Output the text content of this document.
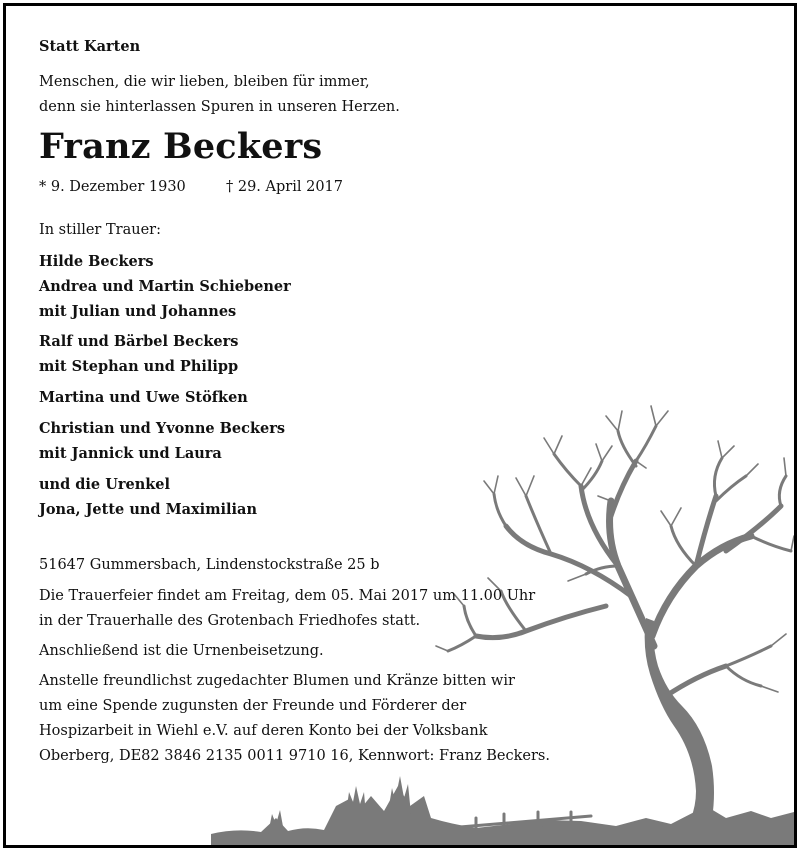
Statt Karten
Menschen, die wir lieben, bleiben für immer,
denn sie hinterlassen Spuren in unseren Herzen.
Franz Beckers
* 9. Dezember 1930	† 29. April 2017
In stiller Trauer:
Hilde Beckers
Andrea und Martin Schiebener
mit Julian und Johannes
Ralf und Bärbel Beckers
mit Stephan und Philipp
Martina und Uwe Stöfken
Christian und Yvonne Beckers
mit Jannick und Laura
und die Urenkel
Jona, Jette und Maximilian
51647 Gummersbach, Lindenstockstraße 25 b
Die Trauerfeier findet am Freitag, dem 05. Mai 2017 um 11.00 Uhr
in der Trauerhalle des Grotenbach Friedhofes statt.
Anschließend ist die Urnenbeisetzung.
Anstelle freundlichst zugedachter Blumen und Kränze bitten wir
um eine Spende zugunsten der Freunde und Förderer der
Hospizarbeit in Wiehl e.V. auf deren Konto bei der Volksbank
Oberberg, DE82 3846 2135 0011 9710 16, Kennwort: Franz Beckers.
